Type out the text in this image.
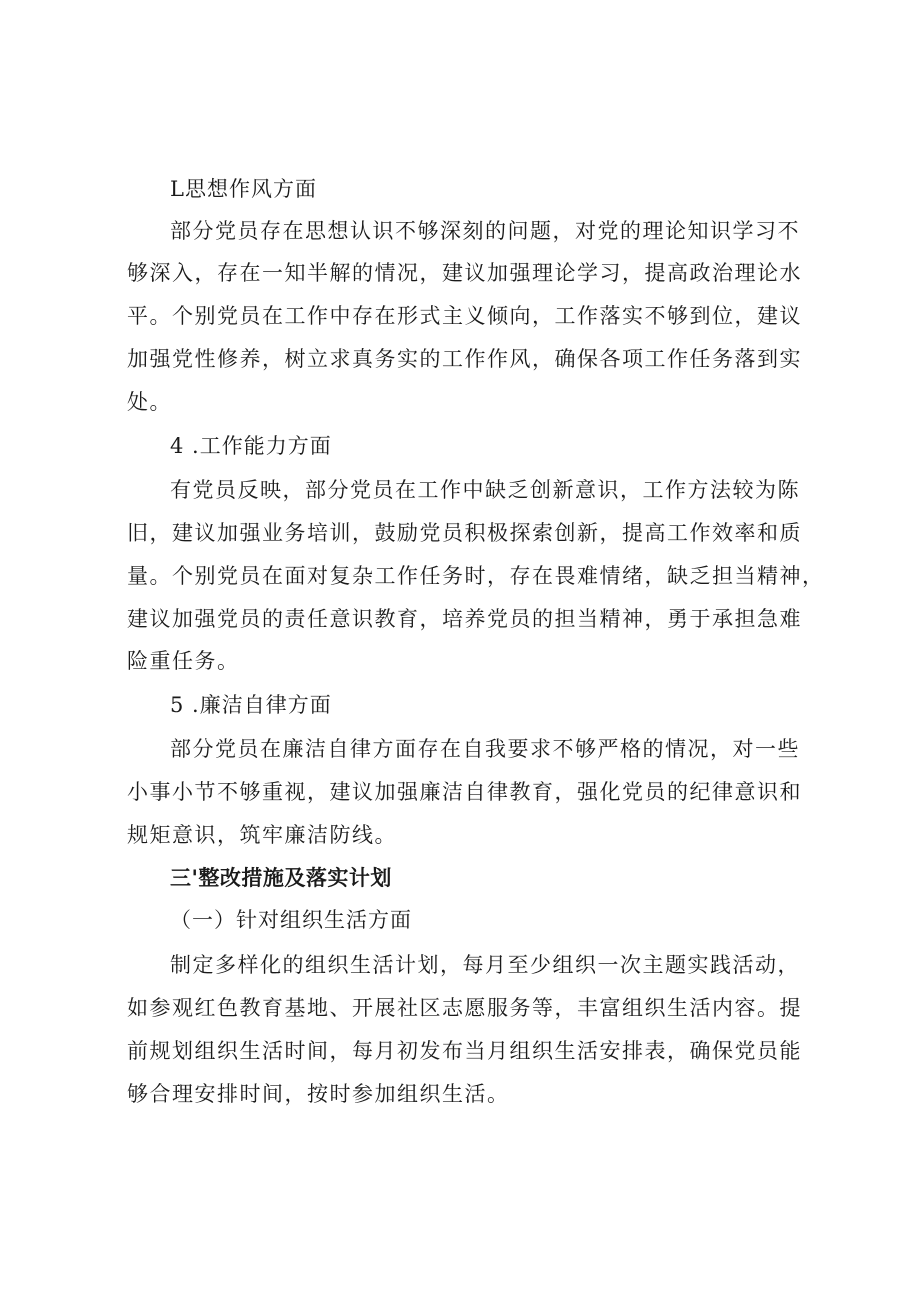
L思想作风方面
部分党员存在思想认识不够深刻的问题，对党的理论知识学习不
够深入，存在一知半解的情况，建议加强理论学习，提高政治理论水
平。个别党员在工作中存在形式主义倾向，工作落实不够到位，建议
加强党性修养，树立求真务实的工作作风，确保各项工作任务落到实
处。
4 .工作能力方面
有党员反映，部分党员在工作中缺乏创新意识，工作方法较为陈
旧，建议加强业务培训，鼓励党员积极探索创新，提高工作效率和质
量。个别党员在面对复杂工作任务时，存在畏难情绪，缺乏担当精神，
建议加强党员的责任意识教育，培养党员的担当精神，勇于承担急难
险重任务。
5 .廉洁自律方面
部分党员在廉洁自律方面存在自我要求不够严格的情况，对一些
小事小节不够重视，建议加强廉洁自律教育，强化党员的纪律意识和
规矩意识，筑牢廉洁防线。
三'整改措施及落实计划
（一）针对组织生活方面
制定多样化的组织生活计划，每月至少组织一次主题实践活动，
如参观红色教育基地、开展社区志愿服务等，丰富组织生活内容。提
前规划组织生活时间，每月初发布当月组织生活安排表，确保党员能
够合理安排时间，按时参加组织生活。
